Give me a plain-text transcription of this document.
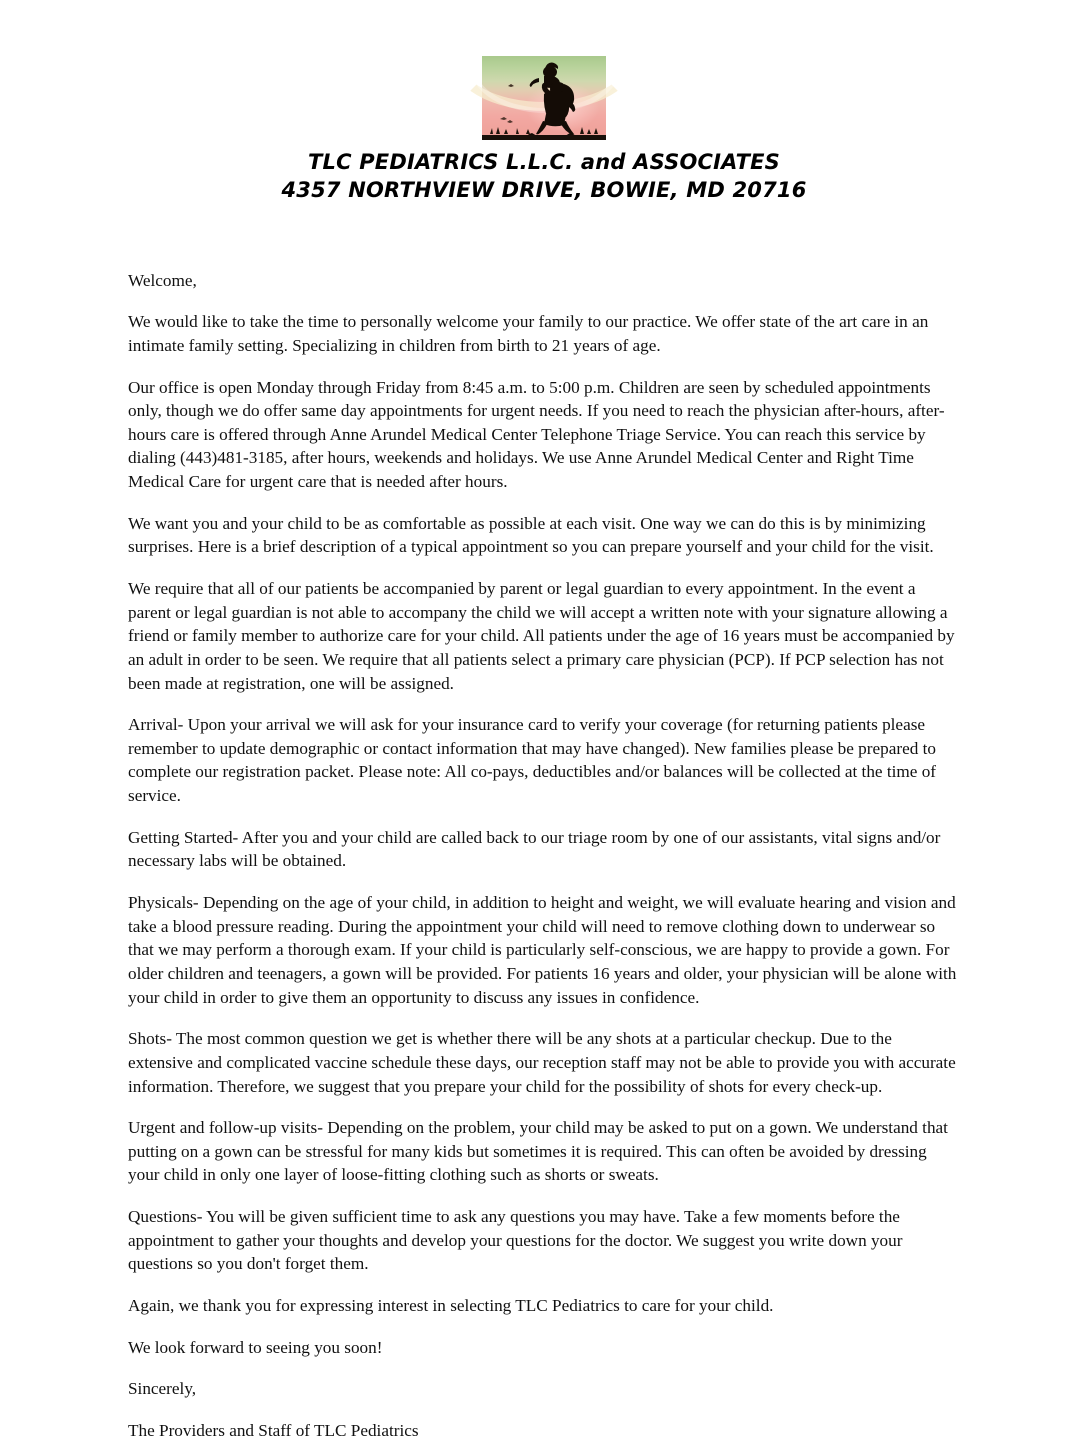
TLC PEDIATRICS L.L.C. and ASSOCIATES
4357 NORTHVIEW DRIVE, BOWIE, MD 20716

Welcome,

We would like to take the time to personally welcome your family to our practice. We offer state of the art care in an intimate family setting. Specializing in children from birth to 21 years of age.

Our office is open Monday through Friday from 8:45 a.m. to 5:00 p.m. Children are seen by scheduled appointments only, though we do offer same day appointments for urgent needs. If you need to reach the physician after-hours, after-hours care is offered through Anne Arundel Medical Center Telephone Triage Service. You can reach this service by dialing (443)481-3185, after hours, weekends and holidays. We use Anne Arundel Medical Center and Right Time Medical Care for urgent care that is needed after hours.

We want you and your child to be as comfortable as possible at each visit. One way we can do this is by minimizing surprises. Here is a brief description of a typical appointment so you can prepare yourself and your child for the visit.

We require that all of our patients be accompanied by parent or legal guardian to every appointment. In the event a parent or legal guardian is not able to accompany the child we will accept a written note with your signature allowing a friend or family member to authorize care for your child. All patients under the age of 16 years must be accompanied by an adult in order to be seen. We require that all patients select a primary care physician (PCP). If PCP selection has not been made at registration, one will be assigned.

Arrival- Upon your arrival we will ask for your insurance card to verify your coverage (for returning patients please remember to update demographic or contact information that may have changed). New families please be prepared to complete our registration packet. Please note: All co-pays, deductibles and/or balances will be collected at the time of service.

Getting Started- After you and your child are called back to our triage room by one of our assistants, vital signs and/or necessary labs will be obtained.

Physicals- Depending on the age of your child, in addition to height and weight, we will evaluate hearing and vision and take a blood pressure reading. During the appointment your child will need to remove clothing down to underwear so that we may perform a thorough exam. If your child is particularly self-conscious, we are happy to provide a gown. For older children and teenagers, a gown will be provided. For patients 16 years and older, your physician will be alone with your child in order to give them an opportunity to discuss any issues in confidence.

Shots- The most common question we get is whether there will be any shots at a particular checkup. Due to the extensive and complicated vaccine schedule these days, our reception staff may not be able to provide you with accurate information. Therefore, we suggest that you prepare your child for the possibility of shots for every check-up.

Urgent and follow-up visits- Depending on the problem, your child may be asked to put on a gown. We understand that putting on a gown can be stressful for many kids but sometimes it is required. This can often be avoided by dressing your child in only one layer of loose-fitting clothing such as shorts or sweats.

Questions- You will be given sufficient time to ask any questions you may have. Take a few moments before the appointment to gather your thoughts and develop your questions for the doctor. We suggest you write down your questions so you don't forget them.

Again, we thank you for expressing interest in selecting TLC Pediatrics to care for your child.

We look forward to seeing you soon!

Sincerely,

The Providers and Staff of TLC Pediatrics
